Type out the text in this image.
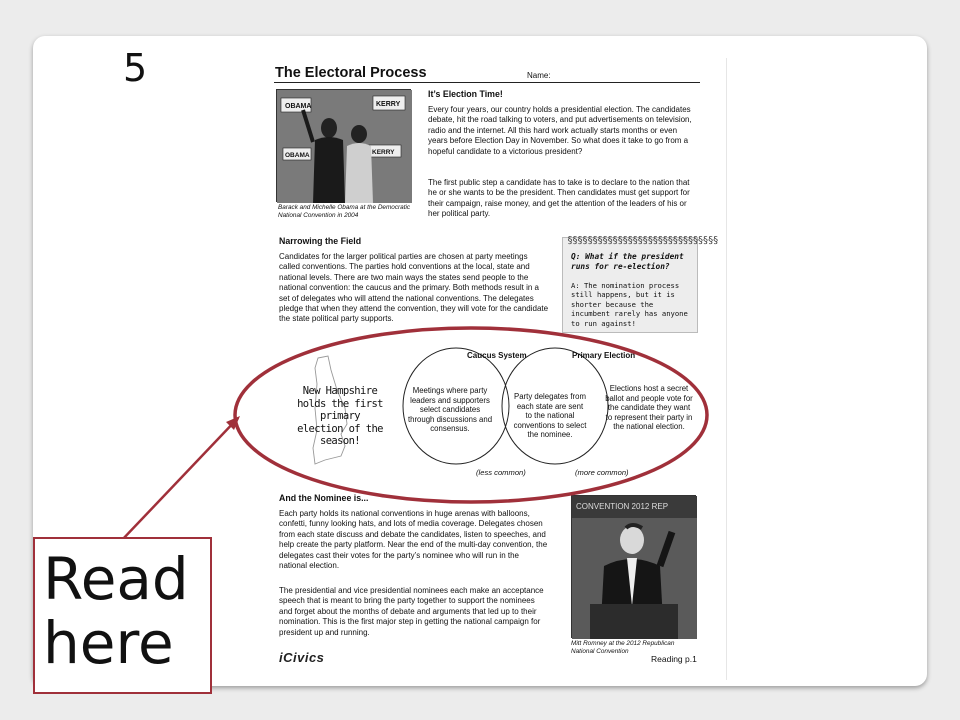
5	The Electoral Process	Name:
OBAMA	KERRY
OBAMA	KERRY
Barack and Michelle Obama at the Democratic National Convention in 2004
It’s Election Time!
Every four years, our country holds a presidential election. The candidates debate, hit the road talking to voters, and put advertisements on television, radio and the internet. All this hard work actually starts months or even years before Election Day in November. So what does it take to go from a hopeful candidate to a victorious president?
The first public step a candidate has to take is to declare to the nation that he or she wants to be the president. Then candidates must get support for their campaign, raise money, and get the attention of the leaders of his or her political party.
Narrowing the Field
Candidates for the larger political parties are chosen at party meetings called conventions. The parties hold conventions at the local, state and national levels. There are two main ways the states send people to the national convention: the caucus and the primary. Both methods result in a set of delegates who will attend the national conventions. The delegates pledge that when they attend the convention, they will vote for the candidate the state political party supports.
§§§§§§§§§§§§§§§§§§§§§§§§§§§§§§
Q: What if the president runs for re-election?
A: The nomination process still happens, but it is shorter because the incumbent rarely has anyone to run against!
New Hampshire holds the first primary election of the season!
Caucus System	Primary Election
Meetings where party leaders and supporters select candidates through discussions and consensus.
Party delegates from each state are sent to the national conventions to select the nominee.
Elections host a secret ballot and people vote for the candidate they want to represent their party in the national election.
(less common)	(more common)
And the Nominee is...
Each party holds its national conventions in huge arenas with balloons, confetti, funny looking hats, and lots of media coverage. Delegates chosen from each state discuss and debate the candidates, listen to speeches, and help create the party platform. Near the end of the multi-day convention, the delegates cast their votes for the party’s nominee who will run in the national election.
The presidential and vice presidential nominees each make an acceptance speech that is meant to bring the party together to support the nominees and forget about the months of debate and arguments that led up to their nomination. This is the first major step in getting the national campaign for president up and running.
CONVENTION 2012 REP
Mitt Romney at the 2012 Republican National Convention
iCivics	Reading p.1
Read
here
